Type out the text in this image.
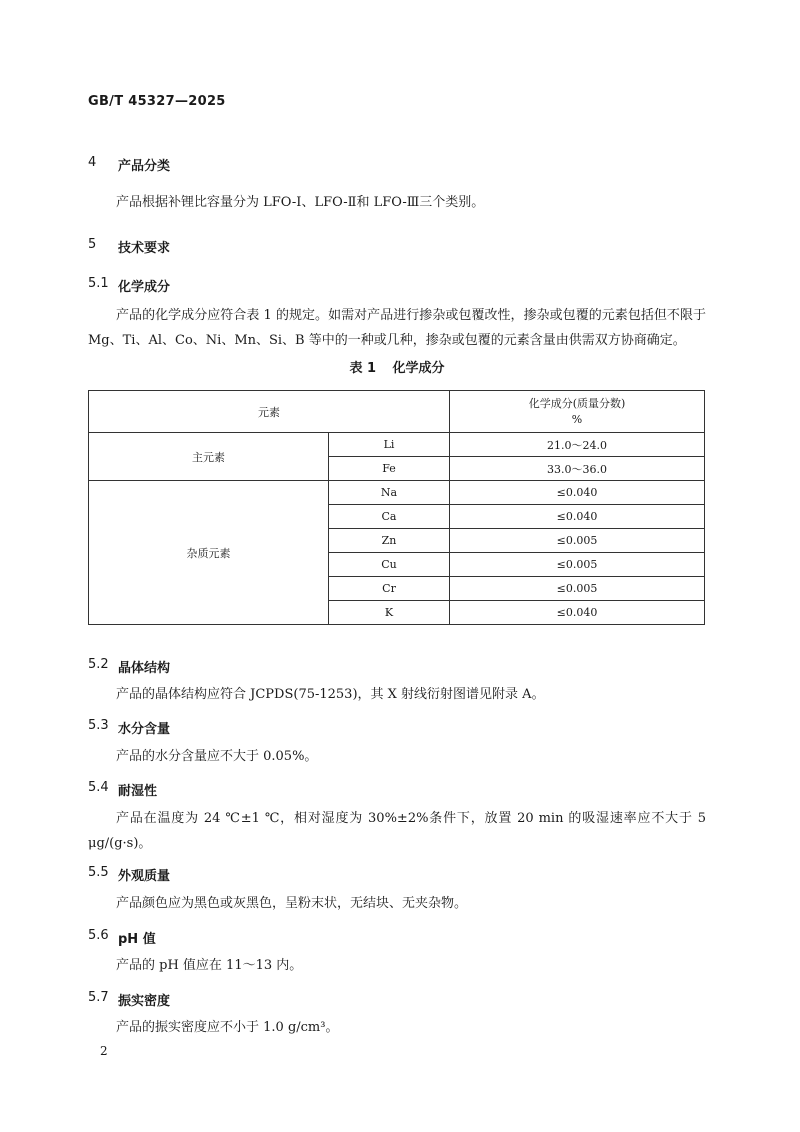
GB/T 45327—2025
4	产品分类

产品根据补锂比容量分为 LFO-Ⅰ、LFO-Ⅱ和 LFO-Ⅲ三个类别。

5	技术要求
5.1 化学成分

产品的化学成分应符合表 1 的规定。如需对产品进行掺杂或包覆改性，掺杂或包覆的元素包括但不限于 Mg、Ti、Al、Co、Ni、Mn、Si、B 等中的一种或几种，掺杂或包覆的元素含量由供需双方协商确定。

表 1 化学成分
元素		化学成分(质量分数)
%

主元素	Li	21.0～24.0
	Fe	33.0～36.0
杂质元素	Na	≤0.040
	Ca	≤0.040
	Zn	≤0.005
	Cu	≤0.005
	Cr	≤0.005
	K	≤0.040
5.2 晶体结构

产品的晶体结构应符合 JCPDS(75-1253)，其 X 射线衍射图谱见附录 A。

5.3 水分含量

产品的水分含量应不大于 0.05%。

5.4 耐湿性

产品在温度为 24 ℃±1 ℃，相对湿度为 30%±2%条件下，放置 20 min 的吸湿速率应不大于 5 μg/(g·s)。

5.5 外观质量

产品颜色应为黑色或灰黑色，呈粉末状，无结块、无夹杂物。

5.6 pH 值

产品的 pH 值应在 11～13 内。

5.7 振实密度

产品的振实密度应不小于 1.0 g/cm³。

2
